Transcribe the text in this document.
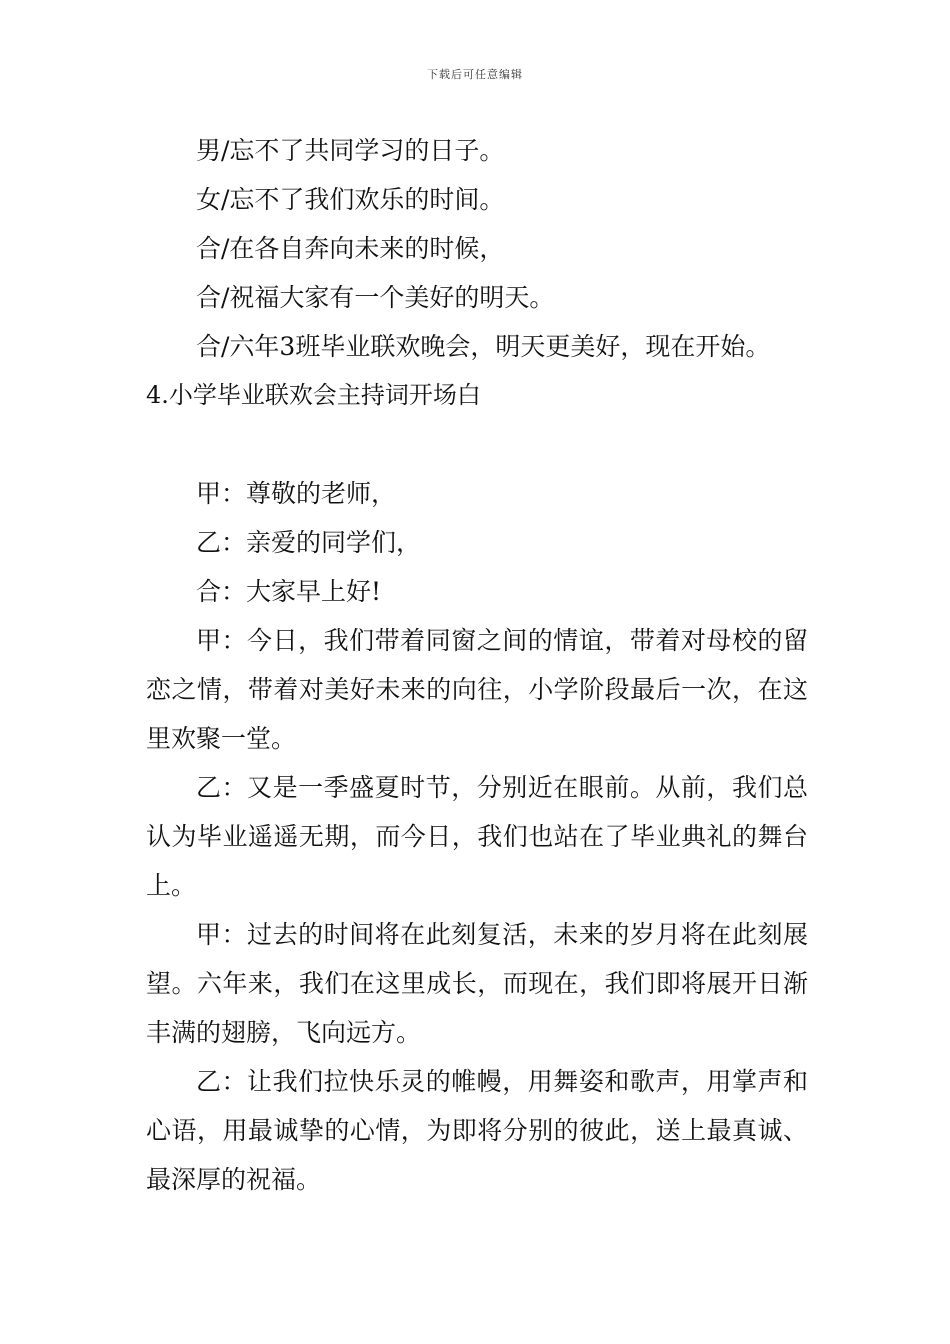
下载后可任意编辑
男/忘不了共同学习的日子。
女/忘不了我们欢乐的时间。
合/在各自奔向未来的时候，
合/祝福大家有一个美好的明天。
合/六年3班毕业联欢晚会，明天更美好，现在开始。
4.小学毕业联欢会主持词开场白
甲：尊敬的老师，
乙：亲爱的同学们，
合：大家早上好!
甲：今日，我们带着同窗之间的情谊，带着对母校的留恋之情，带着对美好未来的向往，小学阶段最后一次，在这里欢聚一堂。
乙：又是一季盛夏时节，分别近在眼前。从前，我们总认为毕业遥遥无期，而今日，我们也站在了毕业典礼的舞台上。
甲：过去的时间将在此刻复活，未来的岁月将在此刻展望。六年来，我们在这里成长，而现在，我们即将展开日渐丰满的翅膀，飞向远方。
乙：让我们拉快乐灵的帷幔，用舞姿和歌声，用掌声和心语，用最诚挚的心情，为即将分别的彼此，送上最真诚、最深厚的祝福。
